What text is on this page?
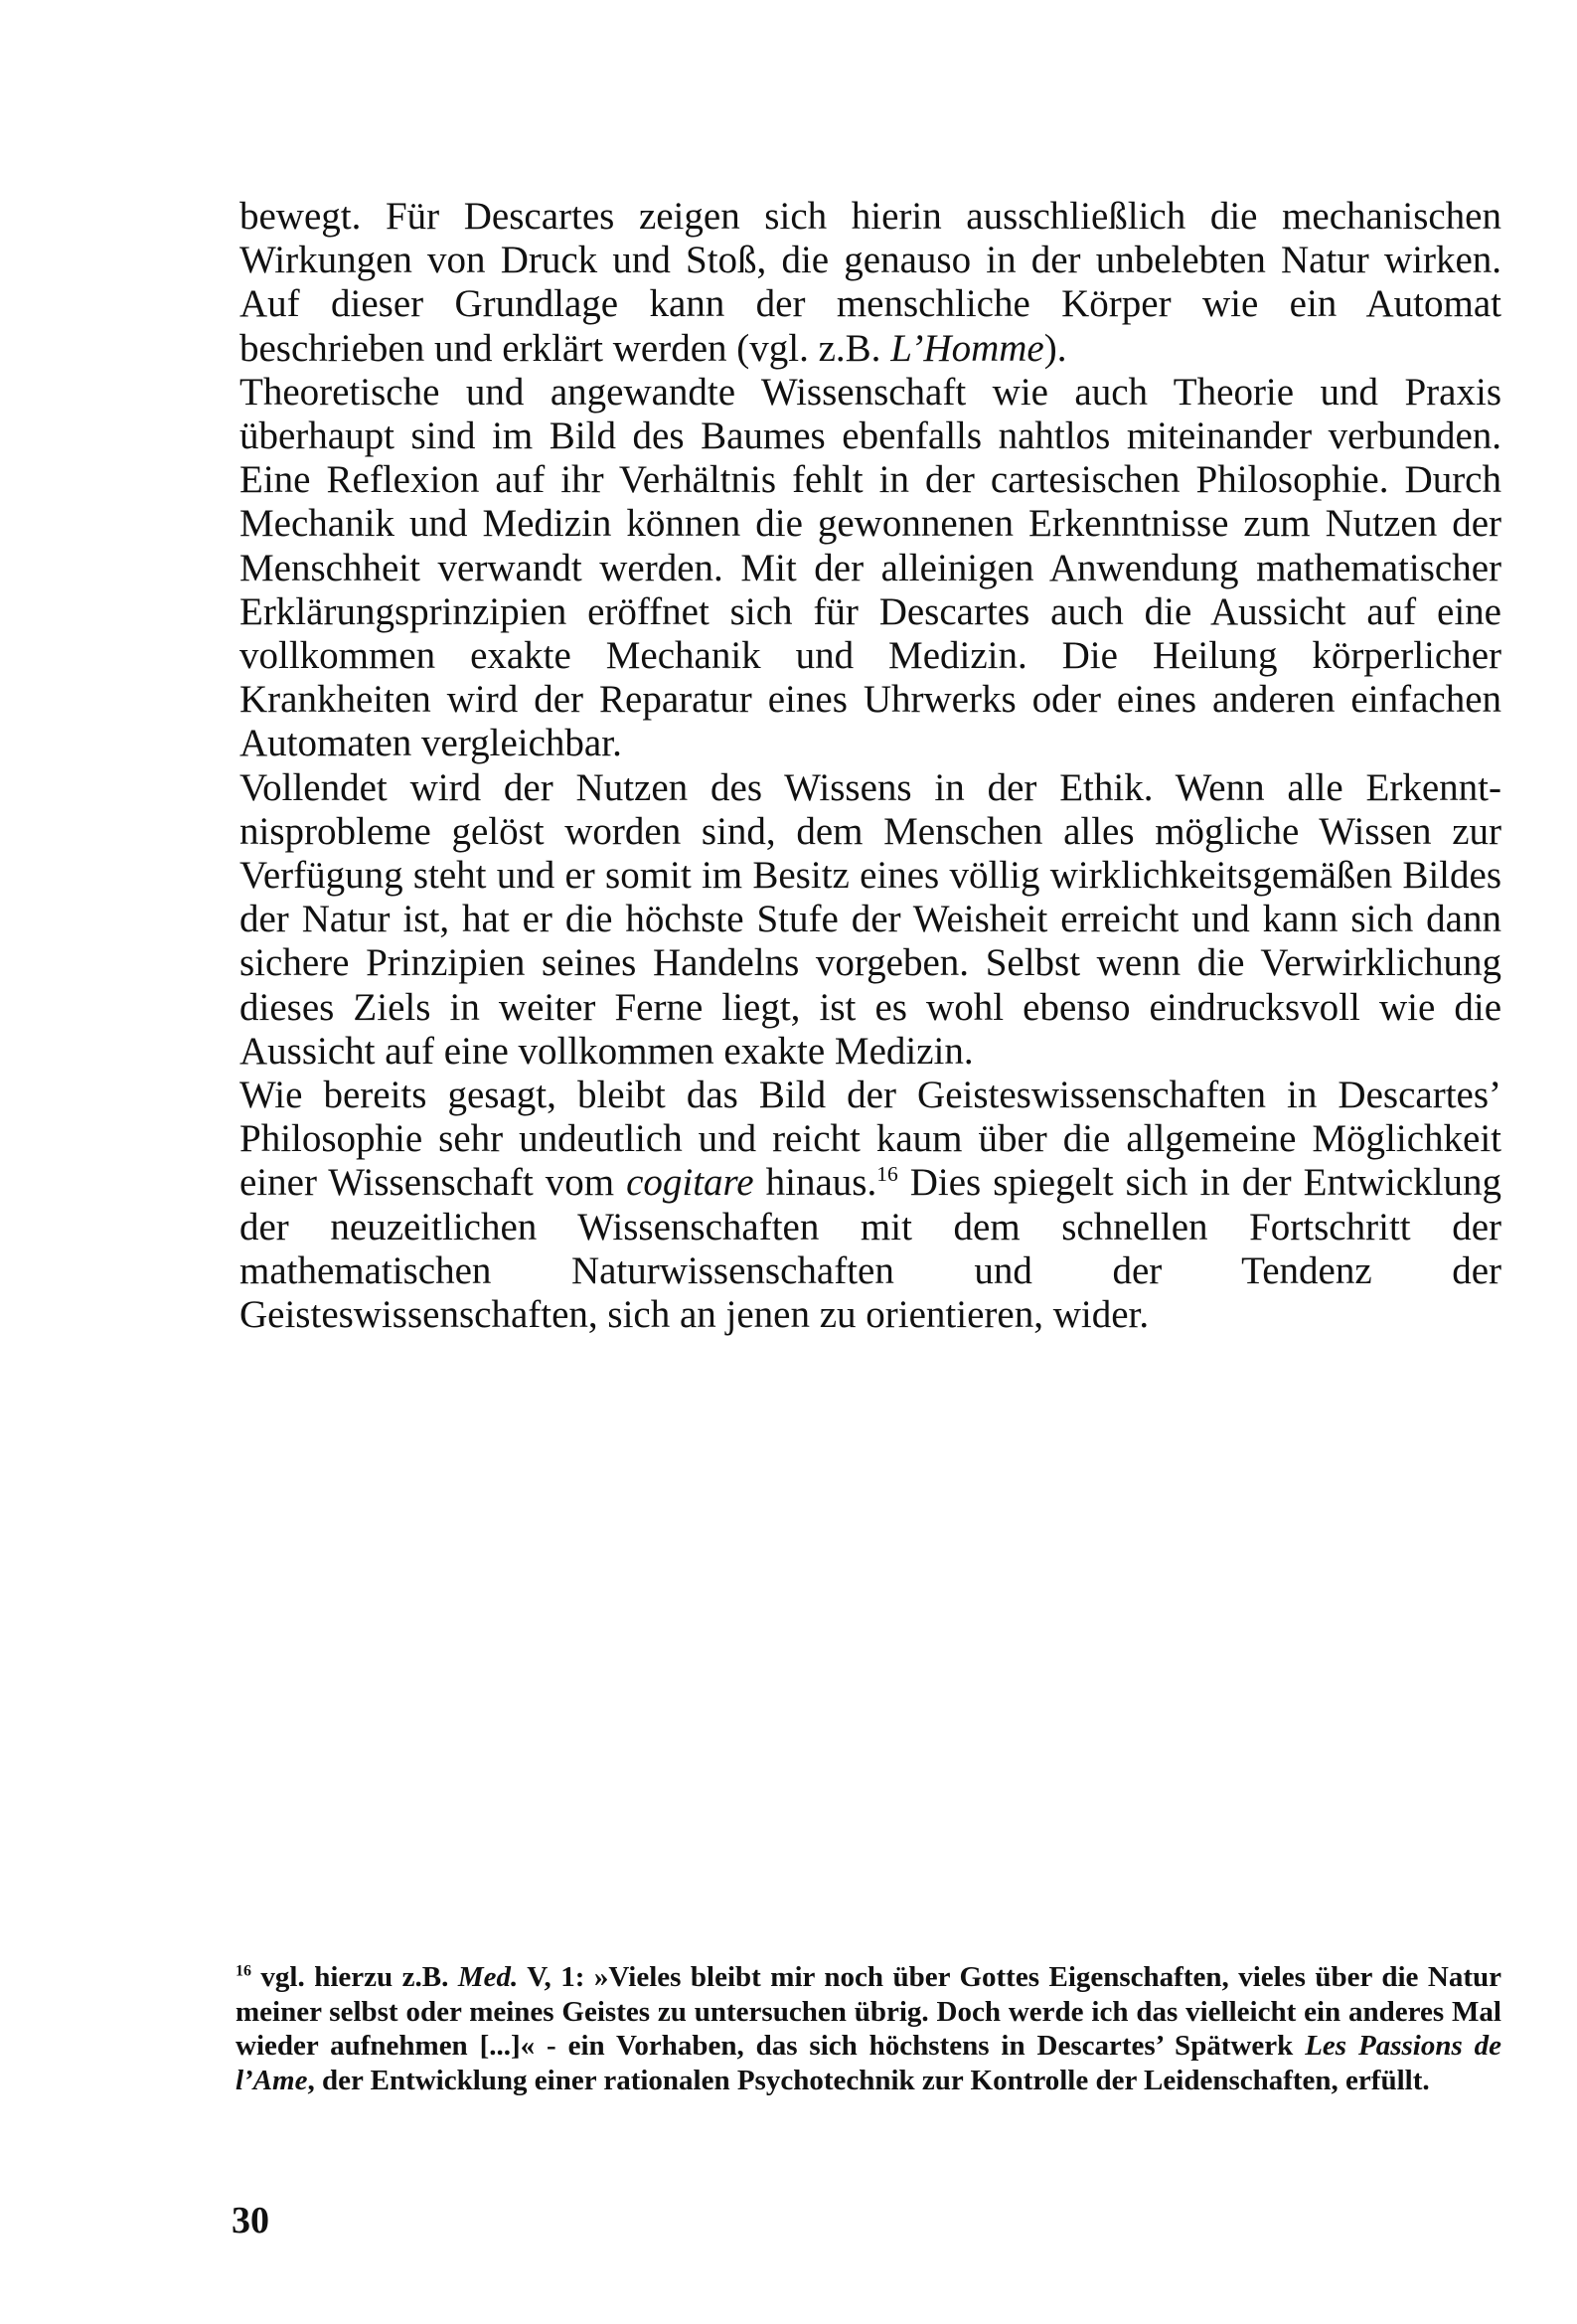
bewegt. Für Descartes zeigen sich hierin ausschließlich die mechanischen Wirkungen von Druck und Stoß, die genauso in der unbelebten Natur wirken. Auf dieser Grundlage kann der menschliche Körper wie ein Automat beschrieben und erklärt werden (vgl. z.B. L’Homme).

Theoretische und angewandte Wissenschaft wie auch Theorie und Praxis überhaupt sind im Bild des Baumes ebenfalls nahtlos miteinander verbunden. Eine Reflexion auf ihr Verhältnis fehlt in der cartesischen Philosophie. Durch Mechanik und Medizin können die gewonnenen Erkenntnisse zum Nutzen der Menschheit verwandt werden. Mit der alleinigen Anwendung mathematischer Erklärungsprinzipien eröffnet sich für Descartes auch die Aussicht auf eine vollkommen exakte Mechanik und Medizin. Die Heilung körperlicher Krankheiten wird der Reparatur eines Uhrwerks oder eines anderen einfachen Automaten vergleichbar.

Vollendet wird der Nutzen des Wissens in der Ethik. Wenn alle Erkenntnisprobleme gelöst worden sind, dem Menschen alles mögliche Wissen zur Verfügung steht und er somit im Besitz eines völlig wirklichkeitsgemäßen Bildes der Natur ist, hat er die höchste Stufe der Weisheit erreicht und kann sich dann sichere Prinzipien seines Handelns vorgeben. Selbst wenn die Verwirklichung dieses Ziels in weiter Ferne liegt, ist es wohl ebenso eindrucksvoll wie die Aussicht auf eine vollkommen exakte Medizin.

Wie bereits gesagt, bleibt das Bild der Geisteswissenschaften in Descartes’ Philosophie sehr undeutlich und reicht kaum über die allgemeine Möglichkeit einer Wissenschaft vom cogitare hinaus.$^{16}$ Dies spiegelt sich in der Entwicklung der neuzeitlichen Wissenschaften mit dem schnellen Fortschritt der mathematischen Naturwissenschaften und der Tendenz der Geisteswissenschaften, sich an jenen zu orientieren, wider.

$^{16}$ vgl. hierzu z.B. Med. V, 1: »Vieles bleibt mir noch über Gottes Eigenschaften, vieles über die Natur meiner selbst oder meines Geistes zu untersuchen übrig. Doch werde ich das vielleicht ein anderes Mal wieder aufnehmen [...]« - ein Vorhaben, das sich höchstens in Descartes’ Spätwerk Les Passions de l’Ame, der Entwicklung einer rationalen Psychotechnik zur Kontrolle der Leidenschaften, erfüllt.

30
